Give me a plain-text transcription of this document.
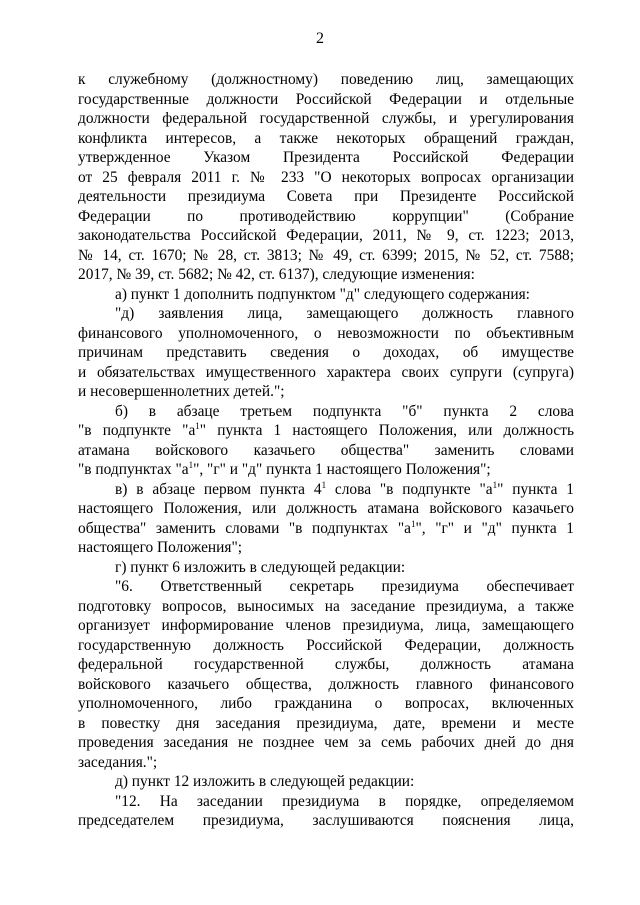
2
к служебному (должностному) поведению лиц, замещающих
государственные должности Российской Федерации и отдельные
должности федеральной государственной службы, и урегулирования
конфликта интересов, а также некоторых обращений граждан,
утвержденное Указом Президента Российской Федерации
от 25 февраля 2011 г. № 233 "О некоторых вопросах организации
деятельности президиума Совета при Президенте Российской
Федерации по противодействию коррупции" (Собрание
законодательства Российской Федерации, 2011, № 9, ст. 1223; 2013,
№ 14, ст. 1670; № 28, ст. 3813; № 49, ст. 6399; 2015, № 52, ст. 7588;
2017, № 39, ст. 5682; № 42, ст. 6137), следующие изменения:
а) пункт 1 дополнить подпунктом "д" следующего содержания:
"д) заявления лица, замещающего должность главного
финансового уполномоченного, о невозможности по объективным
причинам представить сведения о доходах, об имуществе
и обязательствах имущественного характера своих супруги (супруга)
и несовершеннолетних детей.";
б) в абзаце третьем подпункта "б" пункта 2 слова
"в подпункте "$а^1$" пункта 1 настоящего Положения, или должность
атамана войскового казачьего общества" заменить словами
"в подпунктах "$а^1$", "г" и "д" пункта 1 настоящего Положения";
в) в абзаце первом пункта $4^1$ слова "в подпункте "$а^1$" пункта 1
настоящего Положения, или должность атамана войскового казачьего
общества" заменить словами "в подпунктах "$а^1$", "г" и "д" пункта 1
настоящего Положения";
г) пункт 6 изложить в следующей редакции:
"6. Ответственный секретарь президиума обеспечивает
подготовку вопросов, выносимых на заседание президиума, а также
организует информирование членов президиума, лица, замещающего
государственную должность Российской Федерации, должность
федеральной государственной службы, должность атамана
войскового казачьего общества, должность главного финансового
уполномоченного, либо гражданина о вопросах, включенных
в повестку дня заседания президиума, дате, времени и месте
проведения заседания не позднее чем за семь рабочих дней до дня
заседания.";
д) пункт 12 изложить в следующей редакции:
"12. На заседании президиума в порядке, определяемом
председателем президиума, заслушиваются пояснения лица,
